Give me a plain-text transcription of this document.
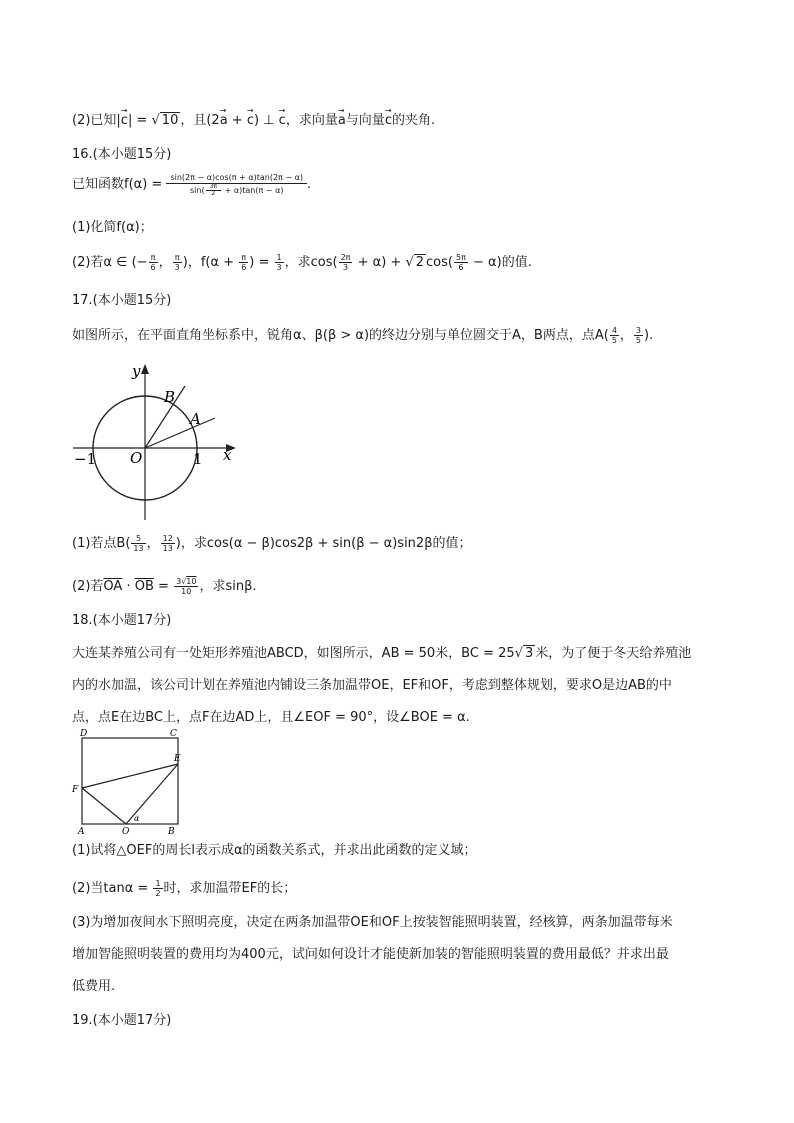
(2)已知|→ c| = √ 10 ，且(2→ a + → c) ⊥ → c，求向量→ a与向量→ c的夹角.
16.(本小题15分)
已知函数$f(\alpha) = \frac{\sin(2\pi - \alpha)\cos(\pi + \alpha)\tan(2\pi - \alpha)}{\sin( \frac{3\pi}{2} + \alpha)\tan(\pi - \alpha)}$ .
(1)化简f(α)；
(2)若α ∈ (− $\frac{\pi}{6}$ ， $\frac{\pi}{3}$ )，$f(\alpha + \frac{\pi}{6}$ ) = $\frac{1}{3}$ ，求$\cos( \frac{2\pi}{3} + \alpha)$ + √ 2 $\cos( \frac{5\pi}{6} - \alpha)$的值.
17.(本小题15分)
如图所示，在平面直角坐标系中，锐角α、β(β > α)的终边分别与单位圆交于A，B两点，点$A( \frac{4}{5}$ ， $\frac{3}{5}$ ).
y
x
O
−1	1
A
B
(1)若点$B( \frac{5}{13}$ ， $\frac{12}{13}$ )，求cos(α − β)cos2β + sin(β − α)sin2β的值；
(2)若$\overline{OA} \cdot \overline{OB} = \frac{3√10}{10}$ ，求sinβ.
18.(本小题17分)
大连某养殖公司有一处矩形养殖池ABCD，如图所示，AB = 50米，BC = 25√ 3 米，为了便于冬天给养殖池
内的水加温，该公司计划在养殖池内铺设三条加温带OE，EF和OF，考虑到整体规划，要求O是边AB的中
点，点E在边BC上，点F在边AD上，且∠EOF = 90°，设∠BOE = α.
D	C
E
F
A	O	B
α
(1)试将△OEF的周长l表示成α的函数关系式，并求出此函数的定义域；
(2)当$\tan\alpha = \frac{1}{2}$ 时，求加温带EF的长；
(3)为增加夜间水下照明亮度，决定在两条加温带OE和OF上按装智能照明装置，经核算，两条加温带每米
增加智能照明装置的费用均为400元，试问如何设计才能使新加装的智能照明装置的费用最低？并求出最
低费用.
19.(本小题17分)
